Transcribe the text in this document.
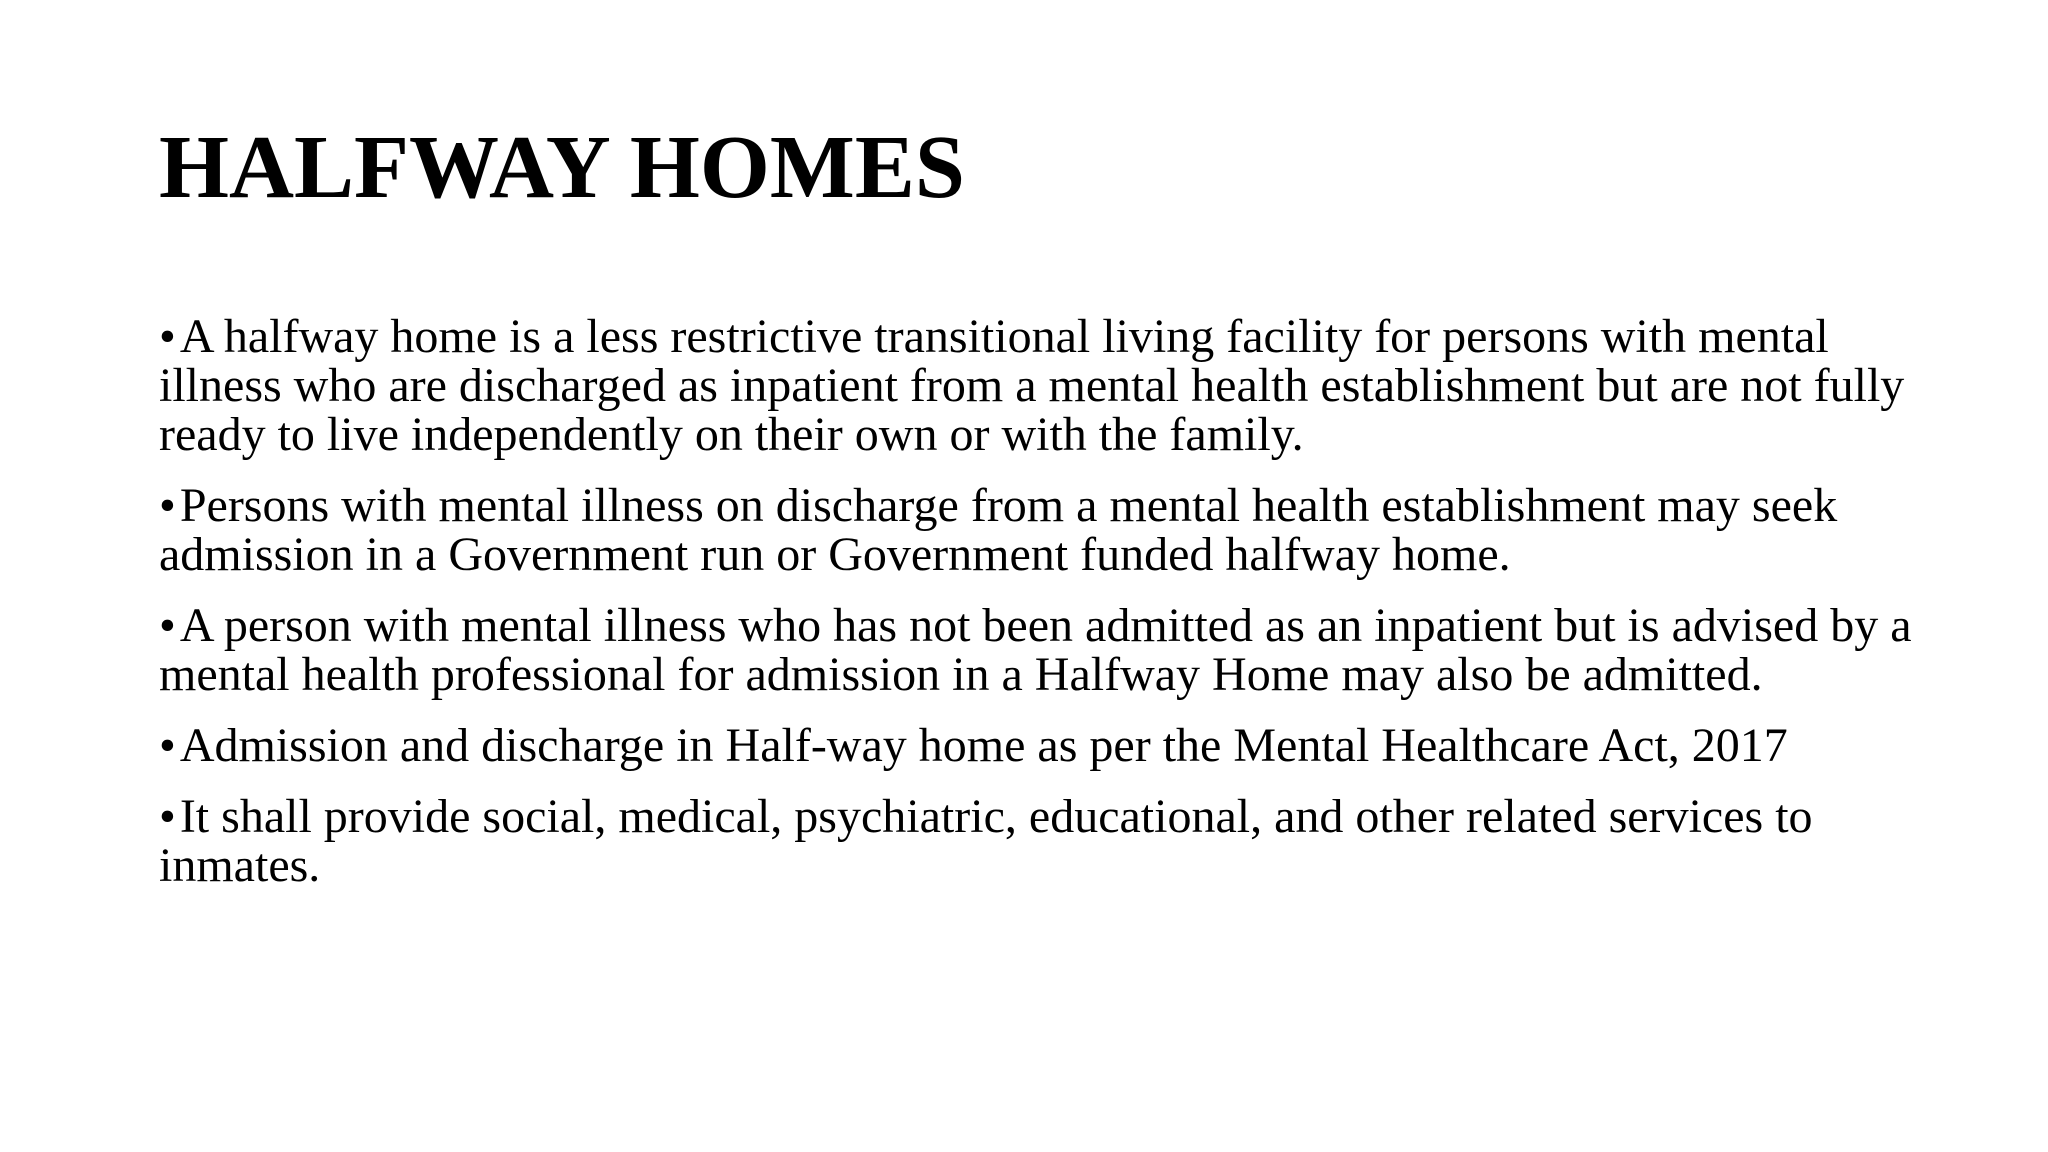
HALFWAY HOMES
•A halfway home is a less restrictive transitional living facility for persons with mental illness who are discharged as inpatient from a mental health establishment but are not fully ready to live independently on their own or with the family.
•Persons with mental illness on discharge from a mental health establishment may seek admission in a Government run or Government funded halfway home.
•A person with mental illness who has not been admitted as an inpatient but is advised by a mental health professional for admission in a Halfway Home may also be admitted.
•Admission and discharge in Half-way home as per the Mental Healthcare Act, 2017
•It shall provide social, medical, psychiatric, educational, and other related services to inmates.
